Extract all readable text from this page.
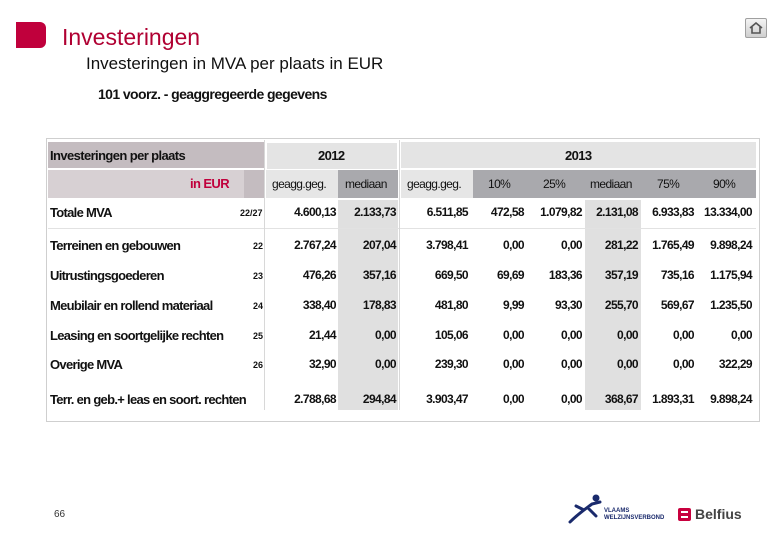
Investeringen
Investeringen in MVA per plaats in EUR
101 voorz. - geaggregeerde gegevens
Investeringen per plaats
in EUR
2012	2013
geagg.geg. mediaan geagg.geg. 10%	25% mediaan 75%	90%
Totale MVA	22/27	4.600,13 2.133,73	6.511,85 472,58 1.079,82 2.131,08 6.933,83 13.334,00
Terreinen en gebouwen	22	2.767,24 207,04	3.798,41	0,00	0,00 281,22 1.765,49 9.898,24
Uitrustingsgoederen	23	476,26 357,16	669,50 69,69 183,36 357,19 735,16 1.175,94
Meubilair en rollend materiaal	24	338,40 178,83	481,80	9,99	93,30 255,70 569,67 1.235,50
Leasing en soortgelijke rechten	25	21,44	0,00	105,06	0,00	0,00	0,00	0,00	0,00
Overige MVA	26	32,90	0,00	239,30	0,00	0,00	0,00	0,00 322,29
Terr. en geb.+ leas en soort. rechten	2.788,68 294,84	3.903,47	0,00	0,00 368,67 1.893,31 9.898,24
66	VLAAMS
WELZIJNSVERBOND Belfius
